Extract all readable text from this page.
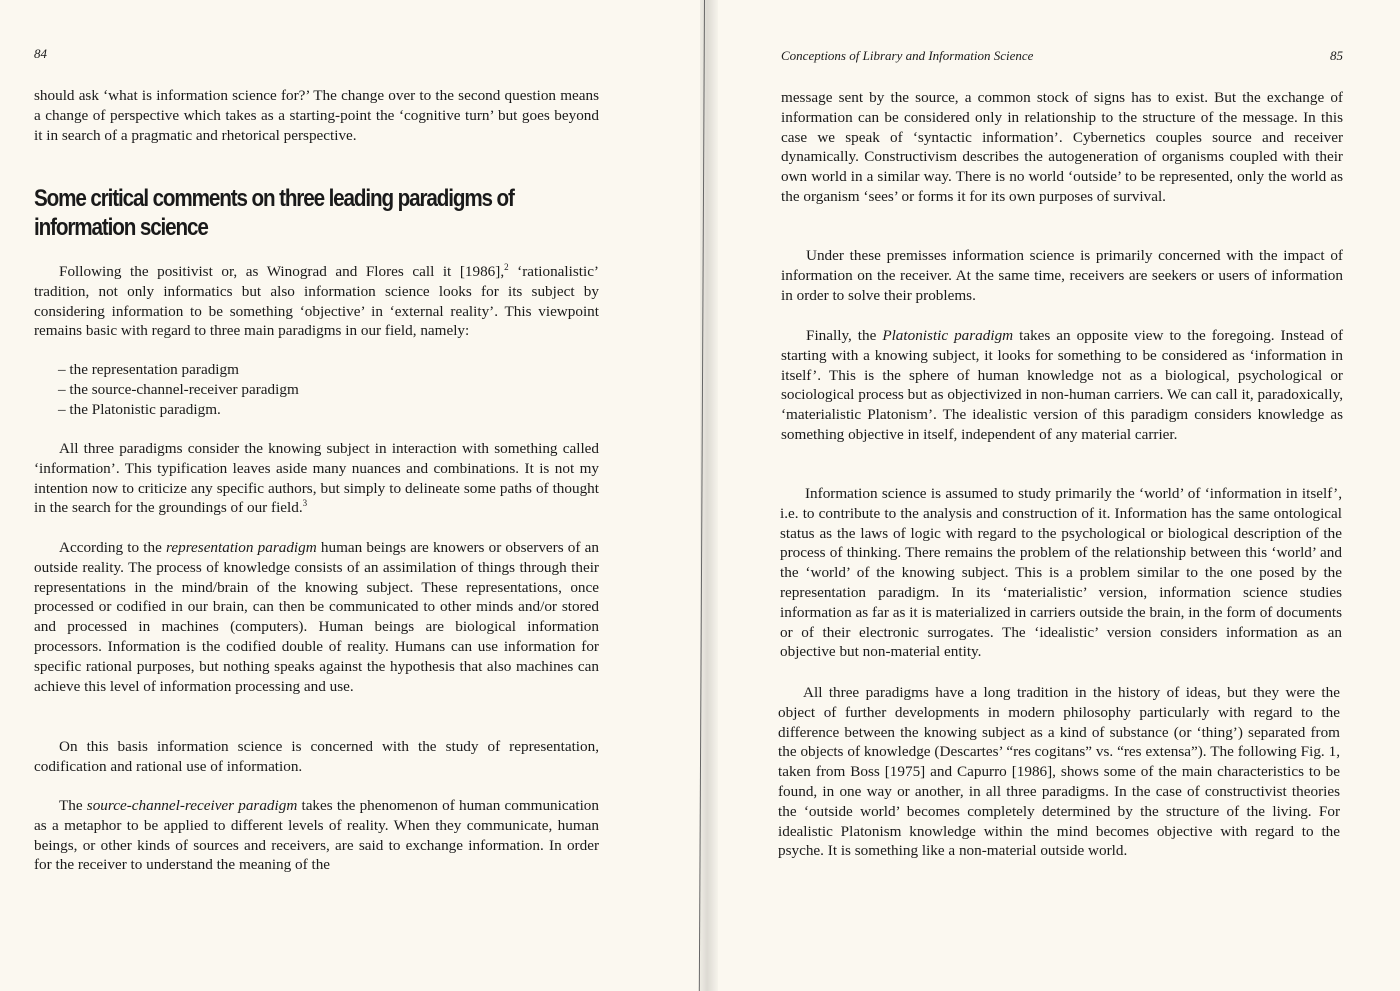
84

should ask ‘what is information science for?’ The change over to the second question means a change of perspective which takes as a starting-point the ‘cognitive turn’ but goes beyond it in search of a pragmatic and rhetorical perspective.

Some critical comments on three leading paradigms of
information science

Following the positivist or, as Winograd and Flores call it [1986],$^2$ ‘rationalistic’ tradition, not only informatics but also information science looks for its subject by considering information to be something ‘objective’ in ‘external reality’. This viewpoint remains basic with regard to three main paradigms in our field, namely:

– the representation paradigm
– the source-channel-receiver paradigm
– the Platonistic paradigm.

All three paradigms consider the knowing subject in interaction with something called ‘information’. This typification leaves aside many nuances and combinations. It is not my intention now to criticize any specific authors, but simply to delineate some paths of thought in the search for the groundings of our field.$^3$

According to the representation paradigm human beings are knowers or observers of an outside reality. The process of knowledge consists of an assimilation of things through their representations in the mind/brain of the knowing subject. These representations, once processed or codified in our brain, can then be communicated to other minds and/or stored and processed in machines (computers). Human beings are biological information processors. Information is the codified double of reality. Humans can use information for specific rational purposes, but nothing speaks against the hypothesis that also machines can achieve this level of information processing and use.

On this basis information science is concerned with the study of representation, codification and rational use of information.

The source-channel-receiver paradigm takes the phenomenon of human communication as a metaphor to be applied to different levels of reality. When they communicate, human beings, or other kinds of sources and receivers, are said to exchange information. In order for the receiver to understand the meaning of the

Conceptions of Library and Information Science	85

message sent by the source, a common stock of signs has to exist. But the exchange of information can be considered only in relationship to the structure of the message. In this case we speak of ‘syntactic information’. Cybernetics couples source and receiver dynamically. Constructivism describes the autogeneration of organisms coupled with their own world in a similar way. There is no world ‘outside’ to be represented, only the world as the organism ‘sees’ or forms it for its own purposes of survival.

Under these premisses information science is primarily concerned with the impact of information on the receiver. At the same time, receivers are seekers or users of information in order to solve their problems.

Finally, the Platonistic paradigm takes an opposite view to the foregoing. Instead of starting with a knowing subject, it looks for something to be considered as ‘information in itself’. This is the sphere of human knowledge not as a biological, psychological or sociological process but as objectivized in non-human carriers. We can call it, paradoxically, ‘materialistic Platonism’. The idealistic version of this paradigm considers knowledge as something objective in itself, independent of any material carrier.

Information science is assumed to study primarily the ‘world’ of ‘information in itself’, i.e. to contribute to the analysis and construction of it. Information has the same ontological status as the laws of logic with regard to the psychological or biological description of the process of thinking. There remains the problem of the relationship between this ‘world’ and the ‘world’ of the knowing subject. This is a problem similar to the one posed by the representation paradigm. In its ‘materialistic’ version, information science studies information as far as it is materialized in carriers outside the brain, in the form of documents or of their electronic surrogates. The ‘idealistic’ version considers information as an objective but non-material entity.

All three paradigms have a long tradition in the history of ideas, but they were the object of further developments in modern philosophy particularly with regard to the difference between the knowing subject as a kind of substance (or ‘thing’) separated from the objects of knowledge (Descartes’ “res cogitans” vs. “res extensa”). The following Fig. 1, taken from Boss [1975] and Capurro [1986], shows some of the main characteristics to be found, in one way or another, in all three paradigms. In the case of constructivist theories the ‘outside world’ becomes completely determined by the structure of the living. For idealistic Platonism knowledge within the mind becomes objective with regard to the psyche. It is something like a non-material outside world.
